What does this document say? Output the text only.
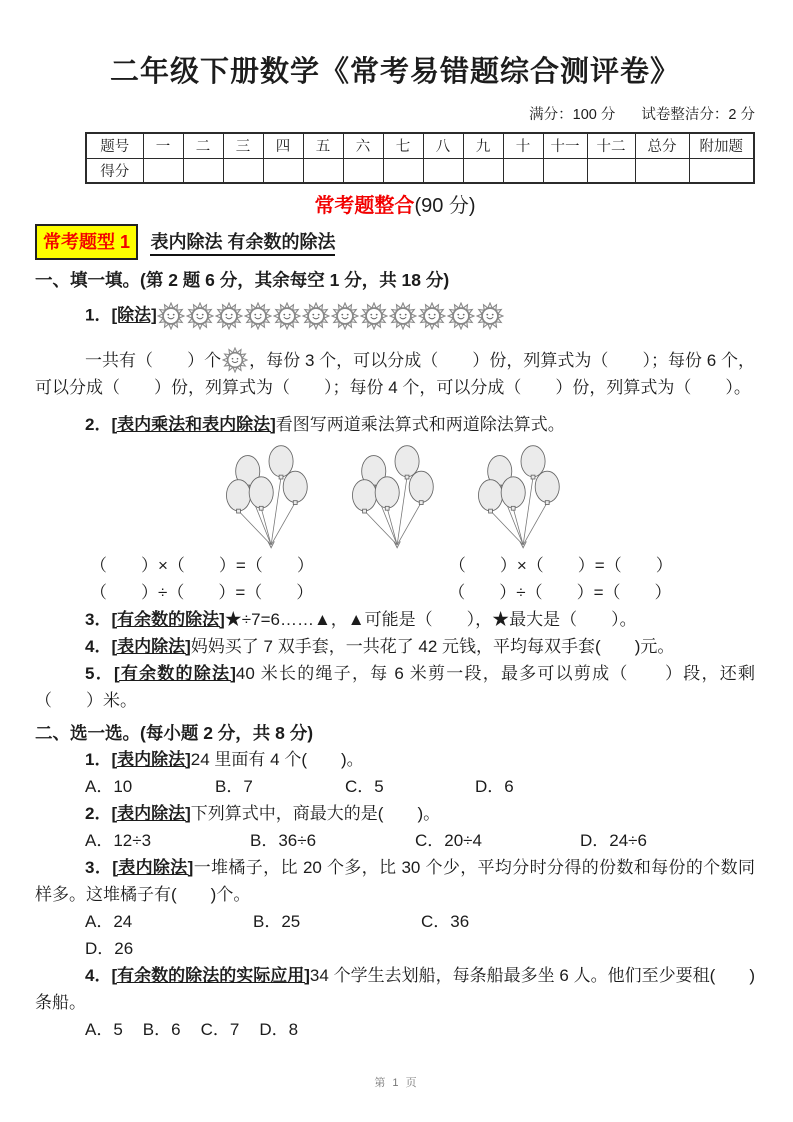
二年级下册数学《常考易错题综合测评卷》
满分：100 分 试卷整洁分：2 分
题号	一	二	三	四	五	六	七	八	九	十	十一	十二	总分	附加题
得分														
常考题整合(90 分)
常考题型 1 表内除法 有余数的除法
一、填一填。(第 2 题 6 分，其余每空 1 分，共 18 分)
1．[除法]

一共有（　　）个 ，每份 3 个，可以分成（　　）份，列算式为（　　）；每份 6 个，可以分成（　　）份，列算式为（　　）；每份 4 个，可以分成（　　）份，列算式为（　　）。

2．[表内乘法和表内除法]看图写两道乘法算式和两道除法算式。

（　　）×（　　）=（　　）	（　　）×（　　）=（　　）
（　　）÷（　　）=（　　）	（　　）÷（　　）=（　　）

3．[有余数的除法]★÷7=6……▲，▲可能是（　　），★最大是（　　）。

4．[表内除法]妈妈买了 7 双手套，一共花了 42 元钱，平均每双手套(　　)元。

5．[有余数的除法]40 米长的绳子，每 6 米剪一段，最多可以剪成（　　）段，还剩（　　）米。

二、选一选。(每小题 2 分，共 8 分)

1．[表内除法]24 里面有 4 个(　　)。

A．10	B．7	C．5	D．6

2．[表内除法]下列算式中，商最大的是(　　)。

A．12÷3	B．36÷6	C．20÷4	D．24÷6

3．[表内除法]一堆橘子，比 20 个多，比 30 个少，平均分时分得的份数和每份的个数同样多。这堆橘子有(　　)个。

A．24	B．25	C．36D．26

4．[有余数的除法的实际应用]34 个学生去划船，每条船最多坐 6 人。他们至少要租(　　)条船。

A．5 B．6 C．7 D．8
第 1 页
